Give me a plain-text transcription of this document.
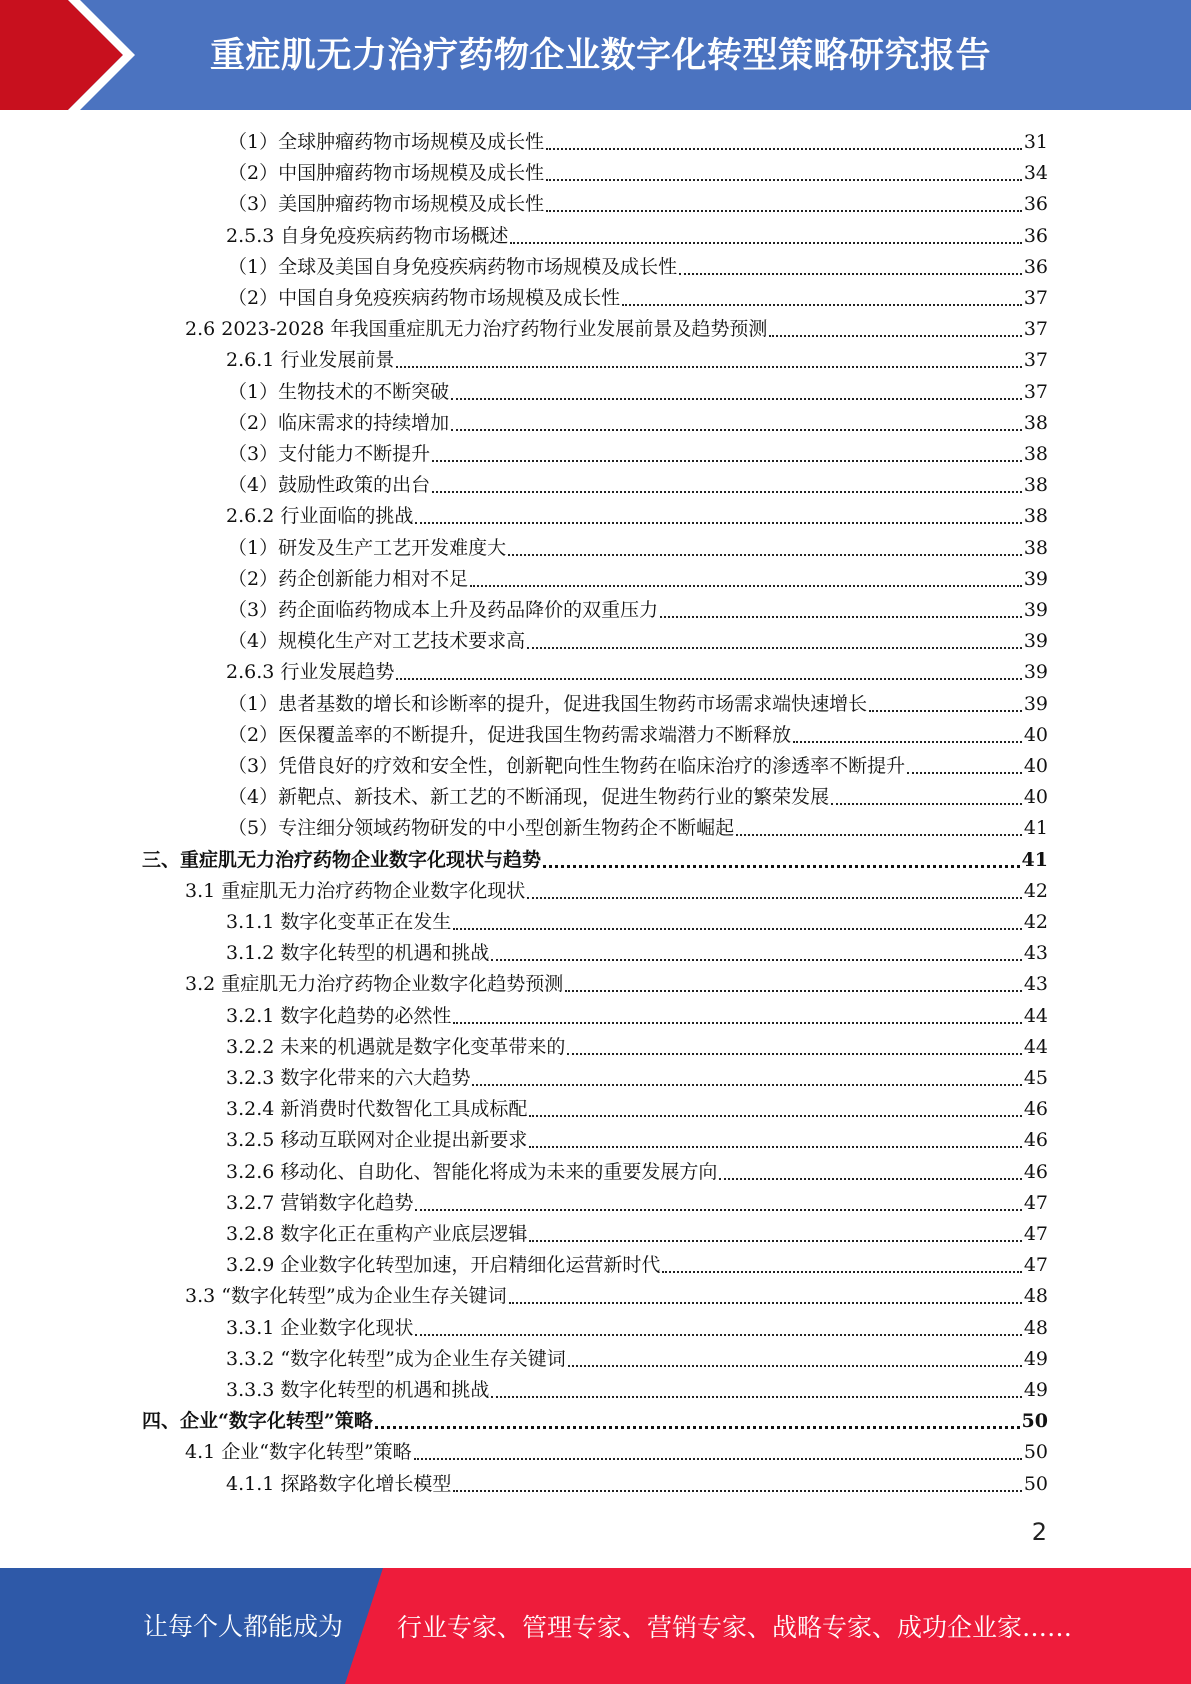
重症肌无力治疗药物企业数字化转型策略研究报告
（1）全球肿瘤药物市场规模及成长性	31
（2）中国肿瘤药物市场规模及成长性	34
（3）美国肿瘤药物市场规模及成长性	36
2.5.3 自身免疫疾病药物市场概述	36
（1）全球及美国自身免疫疾病药物市场规模及成长性	36
（2）中国自身免疫疾病药物市场规模及成长性	37
2.6 2023-2028 年我国重症肌无力治疗药物行业发展前景及趋势预测	37
2.6.1 行业发展前景	37
（1）生物技术的不断突破	37
（2）临床需求的持续增加	38
（3）支付能力不断提升	38
（4）鼓励性政策的出台	38
2.6.2 行业面临的挑战	38
（1）研发及生产工艺开发难度大	38
（2）药企创新能力相对不足	39
（3）药企面临药物成本上升及药品降价的双重压力	39
（4）规模化生产对工艺技术要求高	39
2.6.3 行业发展趋势	39
（1）患者基数的增长和诊断率的提升，促进我国生物药市场需求端快速增长	39
（2）医保覆盖率的不断提升，促进我国生物药需求端潜力不断释放	40
（3）凭借良好的疗效和安全性，创新靶向性生物药在临床治疗的渗透率不断提升	40
（4）新靶点、新技术、新工艺的不断涌现，促进生物药行业的繁荣发展	40
（5）专注细分领域药物研发的中小型创新生物药企不断崛起	41
三、重症肌无力治疗药物企业数字化现状与趋势	41
3.1 重症肌无力治疗药物企业数字化现状	42
3.1.1 数字化变革正在发生	42
3.1.2 数字化转型的机遇和挑战	43
3.2 重症肌无力治疗药物企业数字化趋势预测	43
3.2.1 数字化趋势的必然性	44
3.2.2 未来的机遇就是数字化变革带来的	44
3.2.3 数字化带来的六大趋势	45
3.2.4 新消费时代数智化工具成标配	46
3.2.5 移动互联网对企业提出新要求	46
3.2.6 移动化、自助化、智能化将成为未来的重要发展方向	46
3.2.7 营销数字化趋势	47
3.2.8 数字化正在重构产业底层逻辑	47
3.2.9 企业数字化转型加速，开启精细化运营新时代	47
3.3 “数字化转型”成为企业生存关键词	48
3.3.1 企业数字化现状	48
3.3.2 “数字化转型”成为企业生存关键词	49
3.3.3 数字化转型的机遇和挑战	49
四、企业“数字化转型”策略	50
4.1 企业“数字化转型”策略	50
4.1.1 探路数字化增长模型	50
2
让每个人都能成为 行业专家、管理专家、营销专家、战略专家、成功企业家……
